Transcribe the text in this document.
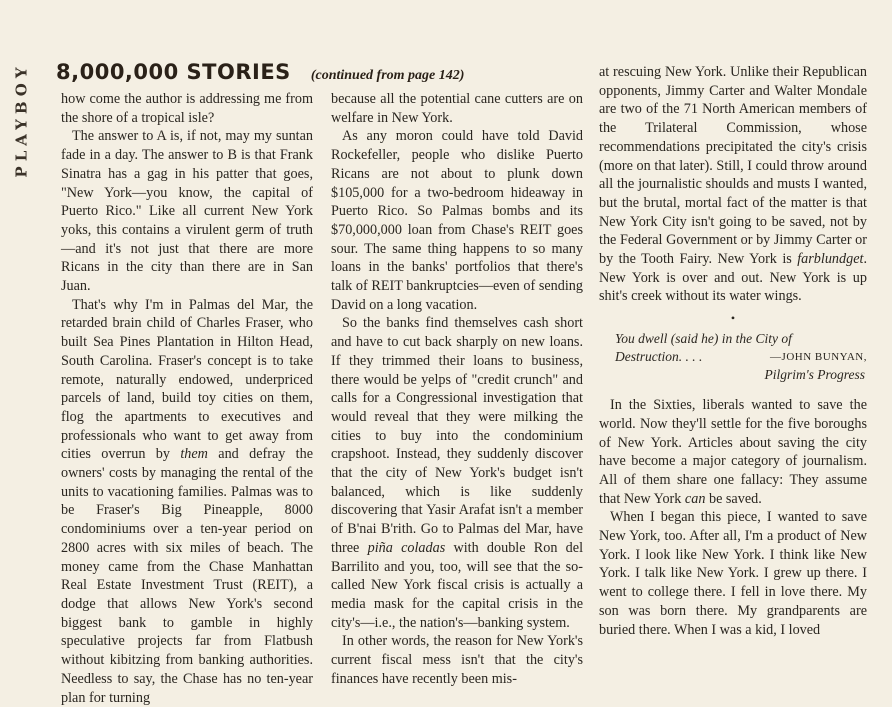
PLAYBOY 8,000,000 STORIES (continued from page 142)

how come the author is addressing me from the shore of a tropical isle?

The answer to A is, if not, may my suntan fade in a day. The answer to B is that Frank Sinatra has a gag in his patter that goes, "New York—you know, the capital of Puerto Rico." Like all current New York yoks, this contains a virulent germ of truth—and it's not just that there are more Ricans in the city than there are in San Juan.

That's why I'm in Palmas del Mar, the retarded brain child of Charles Fraser, who built Sea Pines Plantation in Hilton Head, South Carolina. Fraser's concept is to take remote, naturally endowed, underpriced parcels of land, build toy cities on them, flog the apartments to executives and professionals who want to get away from cities overrun by them and defray the owners' costs by managing the rental of the units to vacationing families. Palmas was to be Fraser's Big Pineapple, 8000 condominiums over a ten-year period on 2800 acres with six miles of beach. The money came from the Chase Manhattan Real Estate Investment Trust (REIT), a dodge that allows New York's second biggest bank to gamble in highly speculative projects far from Flatbush without kibitzing from banking authorities. Needless to say, the Chase has no ten-year plan for turning

because all the potential cane cutters are on welfare in New York.

As any moron could have told David Rockefeller, people who dislike Puerto Ricans are not about to plunk down $105,000 for a two-bedroom hideaway in Puerto Rico. So Palmas bombs and its $70,000,000 loan from Chase's REIT goes sour. The same thing happens to so many loans in the banks' portfolios that there's talk of REIT bankruptcies—even of sending David on a long vacation.

So the banks find themselves cash short and have to cut back sharply on new loans. If they trimmed their loans to business, there would be yelps of "credit crunch" and calls for a Congressional investigation that would reveal that they were milking the cities to buy into the condominium crapshoot. Instead, they suddenly discover that the city of New York's budget isn't balanced, which is like suddenly discovering that Yasir Arafat isn't a member of B'nai B'rith. Go to Palmas del Mar, have three piña coladas with double Ron del Barrilito and you, too, will see that the so-called New York fiscal crisis is actually a media mask for the capital crisis in the city's—i.e., the nation's—banking system.

In other words, the reason for New York's current fiscal mess isn't that the city's finances have recently been mis-

at rescuing New York. Unlike their Republican opponents, Jimmy Carter and Walter Mondale are two of the 71 North American members of the Trilateral Commission, whose recommendations precipitated the city's crisis (more on that later). Still, I could throw around all the journalistic shoulds and musts I wanted, but the brutal, mortal fact of the matter is that New York City isn't going to be saved, not by the Federal Government or by Jimmy Carter or by the Tooth Fairy. New York is farblundget. New York is over and out. New York is up shit's creek without its water wings.

•
You dwell (said he) in the City of
Destruction. . . .	—JOHN BUNYAN,
Pilgrim's Progress

In the Sixties, liberals wanted to save the world. Now they'll settle for the five boroughs of New York. Articles about saving the city have become a major category of journalism. All of them share one fallacy: They assume that New York can be saved.

When I began this piece, I wanted to save New York, too. After all, I'm a product of New York. I look like New York. I think like New York. I talk like New York. I grew up there. I went to college there. I fell in love there. My son was born there. My grandparents are buried there. When I was a kid, I loved
